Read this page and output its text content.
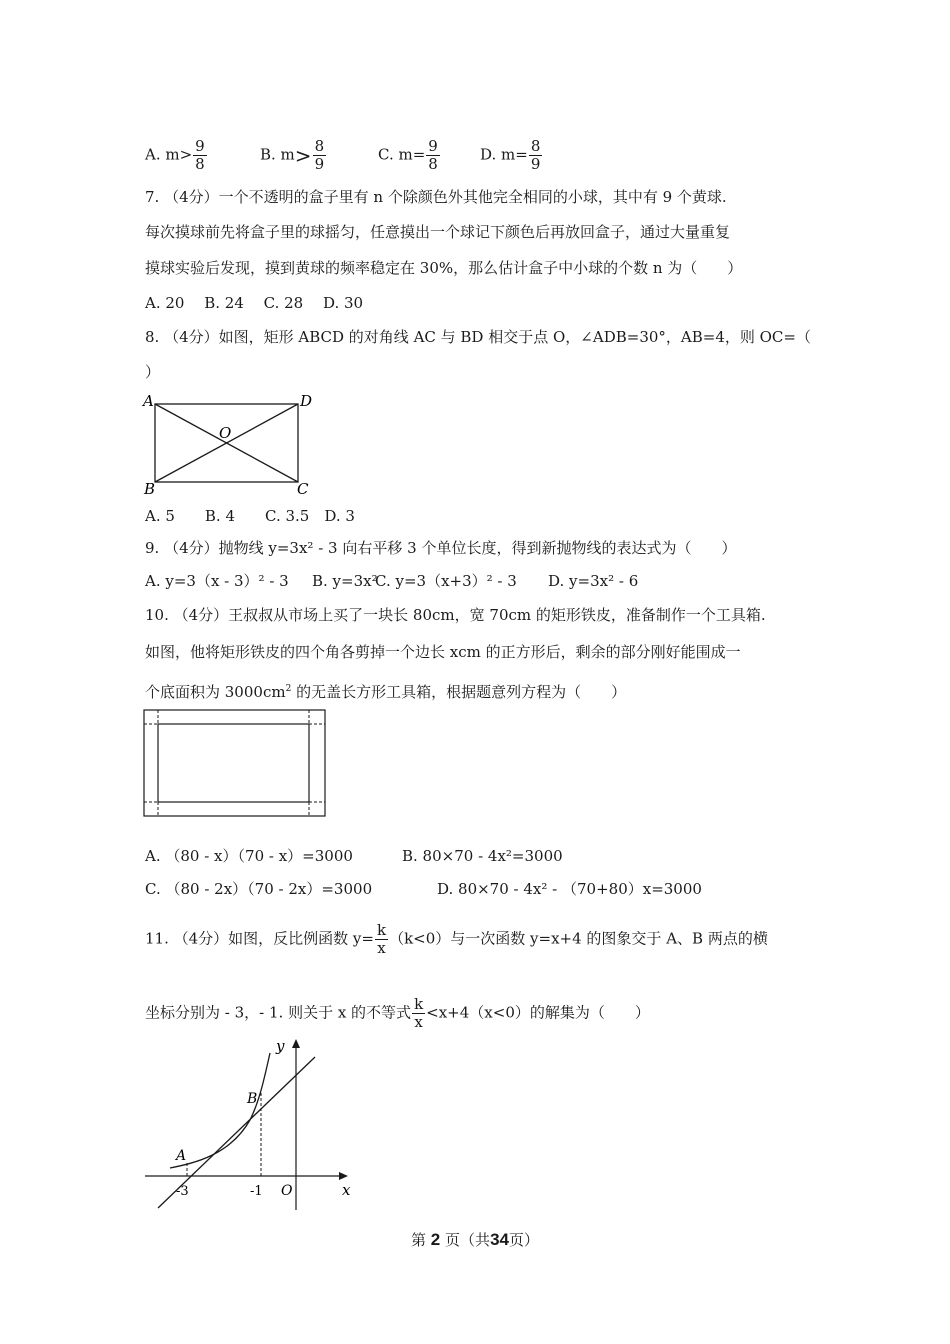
A. $m> \frac{9}{8}$	B. $m> \frac{8}{9}$	C. $m= \frac{9}{8}$	D. $m= \frac{8}{9}$
7. （4分）一个不透明的盒子里有 n 个除颜色外其他完全相同的小球，其中有 9 个黄球.
每次摸球前先将盒子里的球摇匀，任意摸出一个球记下颜色后再放回盒子，通过大量重复
摸球实验后发现，摸到黄球的频率稳定在 30%，那么估计盒子中小球的个数 n 为（　　）
A. 20　 B. 24　 C. 28　 D. 30
8. （4分）如图，矩形 ABCD 的对角线 AC 与 BD 相交于点 O，∠ADB=30°，AB=4，则 OC=（
）
A	D
B	C
O
A. 5　　B. 4　　C. 3.5　D. 3
9. （4分）抛物线 y=3x² - 3 向右平移 3 个单位长度，得到新抛物线的表达式为（　　）
A. y=3（x - 3）² - 3 B. y=3x²
C. y=3（x+3）² - 3 D. y=3x² - 6
10. （4分）王叔叔从市场上买了一块长 80cm，宽 70cm 的矩形铁皮，准备制作一个工具箱.
如图，他将矩形铁皮的四个角各剪掉一个边长 xcm 的正方形后，剩余的部分刚好能围成一
个底面积为 $3000cm^2$ 的无盖长方形工具箱，根据题意列方程为（　　）
A. （80 - x）（70 - x）=3000	B. 80×70 - 4x²=3000
C. （80 - 2x）（70 - 2x）=3000	D. 80×70 - 4x² - （70+80）x=3000
11. （4分）如图，反比例函数 $y= \frac{k}{x} (k<0)$与一次函数 y=x+4 的图象交于 A、B 两点的横
坐标分别为 - 3，- 1. 则关于 x 的不等式 $\frac{k}{x} <x+4(x<0)$的解集为（　　）
y
x
O
A
B
-3	-1
第 2 页（共34页）
